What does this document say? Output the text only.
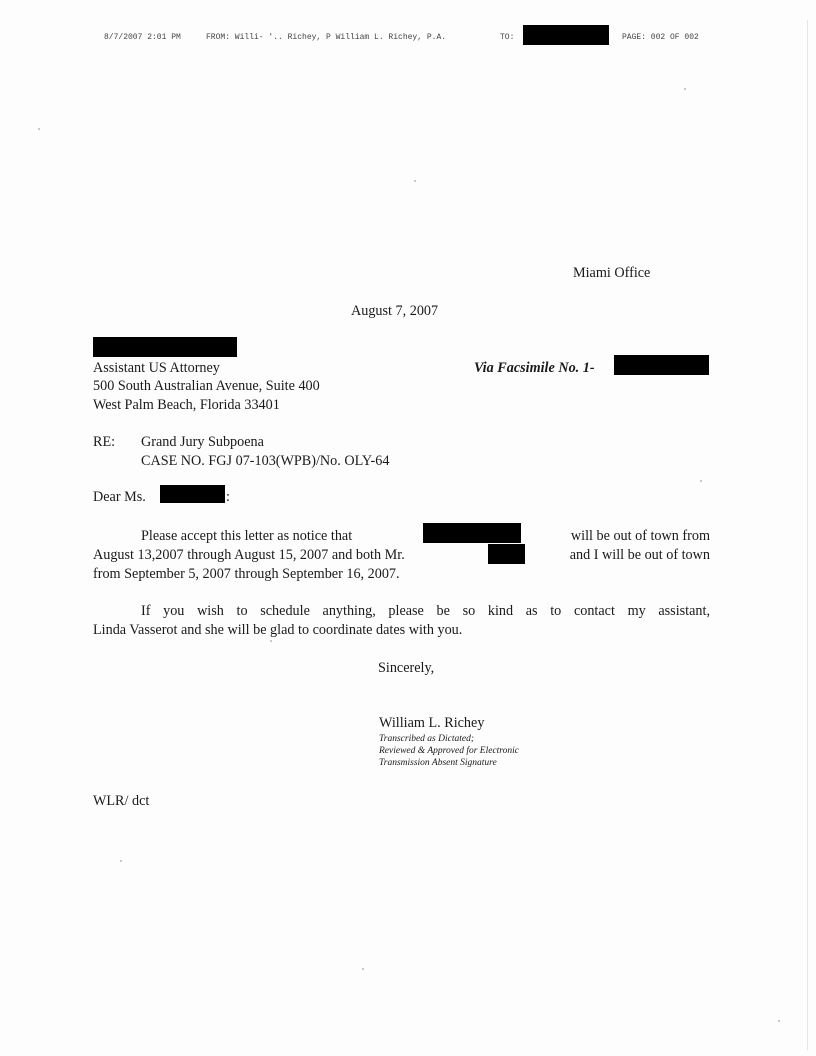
8/7/2007 2:01 PM	FROM: Willi- '.. Richey, P William L. Richey, P.A.	TO:	PAGE: 002 OF 002
Miami Office
August 7, 2007
Assistant US Attorney
500 South Australian Avenue, Suite 400
West Palm Beach, Florida 33401
Via Facsimile No. 1-
RE: Grand Jury Subpoena
CASE NO. FGJ 07-103(WPB)/No. OLY-64
Dear Ms.	:
Please accept this letter as notice that	will be out of town from
August 13,2007 through August 15, 2007 and both Mr.	and I will be out of town
from September 5, 2007 through September 16, 2007.
If you wish to schedule anything, please be so kind as to contact my assistant,
Linda Vasserot and she will be glad to coordinate dates with you.
Sincerely,
William L. Richey
Transcribed as Dictated;
Reviewed & Approved for Electronic
Transmission Absent Signature
WLR/ dct
